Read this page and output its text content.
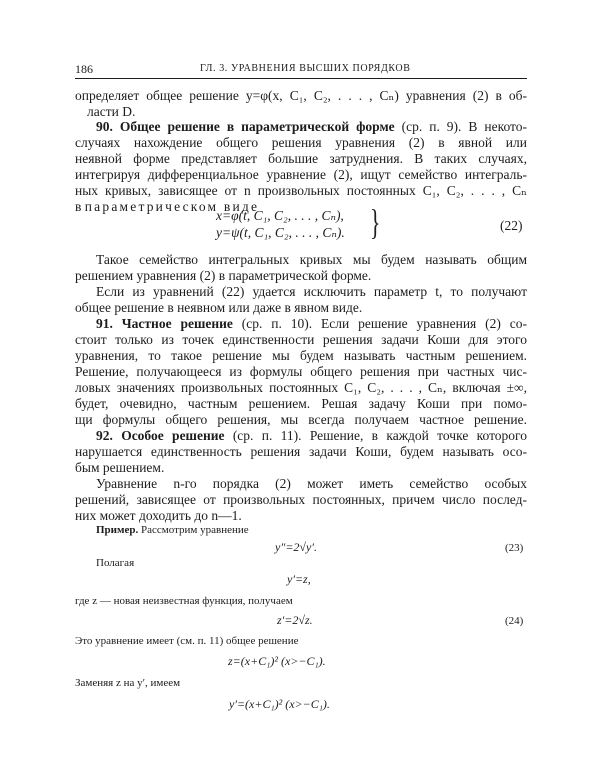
186	ГЛ. 3. УРАВНЕНИЯ ВЫСШИХ ПОРЯДКОВ
определяет общее решение y=φ(x, C₁, C₂, . . . , Cₙ) уравнения (2) в об-
ласти D.
90. Общее решение в параметрической форме (ср. п. 9). В некото-
случаях нахождение общего решения уравнения (2) в явной или
неявной форме представляет большие затруднения. В таких случаях,
интегрируя дифференциальное уравнение (2), ищут семейство интеграль-
ных кривых, зависящее от n произвольных постоянных C₁, C₂, . . . , Cₙ
в параметрическом виде
x=φ(t, C₁, C₂, . . . , Cₙ),
y=ψ(t, C₁, C₂, . . . , Cₙ). }	(22)
Такое семейство интегральных кривых мы будем называть общим
решением уравнения (2) в параметрической форме.
Если из уравнений (22) удается исключить параметр t, то получают
общее решение в неявном или даже в явном виде.
91. Частное решение (ср. п. 10). Если решение уравнения (2) со-
стоит только из точек единственности решения задачи Коши для этого
уравнения, то такое решение мы будем называть частным решением.
Решение, получающееся из формулы общего решения при частных чис-
ловых значениях произвольных постоянных C₁, C₂, . . . , Cₙ, включая ±∞,
будет, очевидно, частным решением. Решая задачу Коши при помо-
щи формулы общего решения, мы всегда получаем частное решение.
92. Особое решение (ср. п. 11). Решение, в каждой точке которого
нарушается единственность решения задачи Коши, будем называть осо-
бым решением.
Уравнение n-го порядка (2) может иметь семейство особых
решений, зависящее от произвольных постоянных, причем число послед-
них может доходить до n—1.
Пример. Рассмотрим уравнение
y″=2√y′.	(23)
Полагая
y′=z,
где z — новая неизвестная функция, получаем
z′=2√z.	(24)
Это уравнение имеет (см. п. 11) общее решение
z=(x+C₁)² (x>−C₁).
Заменяя z на y′, имеем
y′=(x+C₁)² (x>−C₁).
